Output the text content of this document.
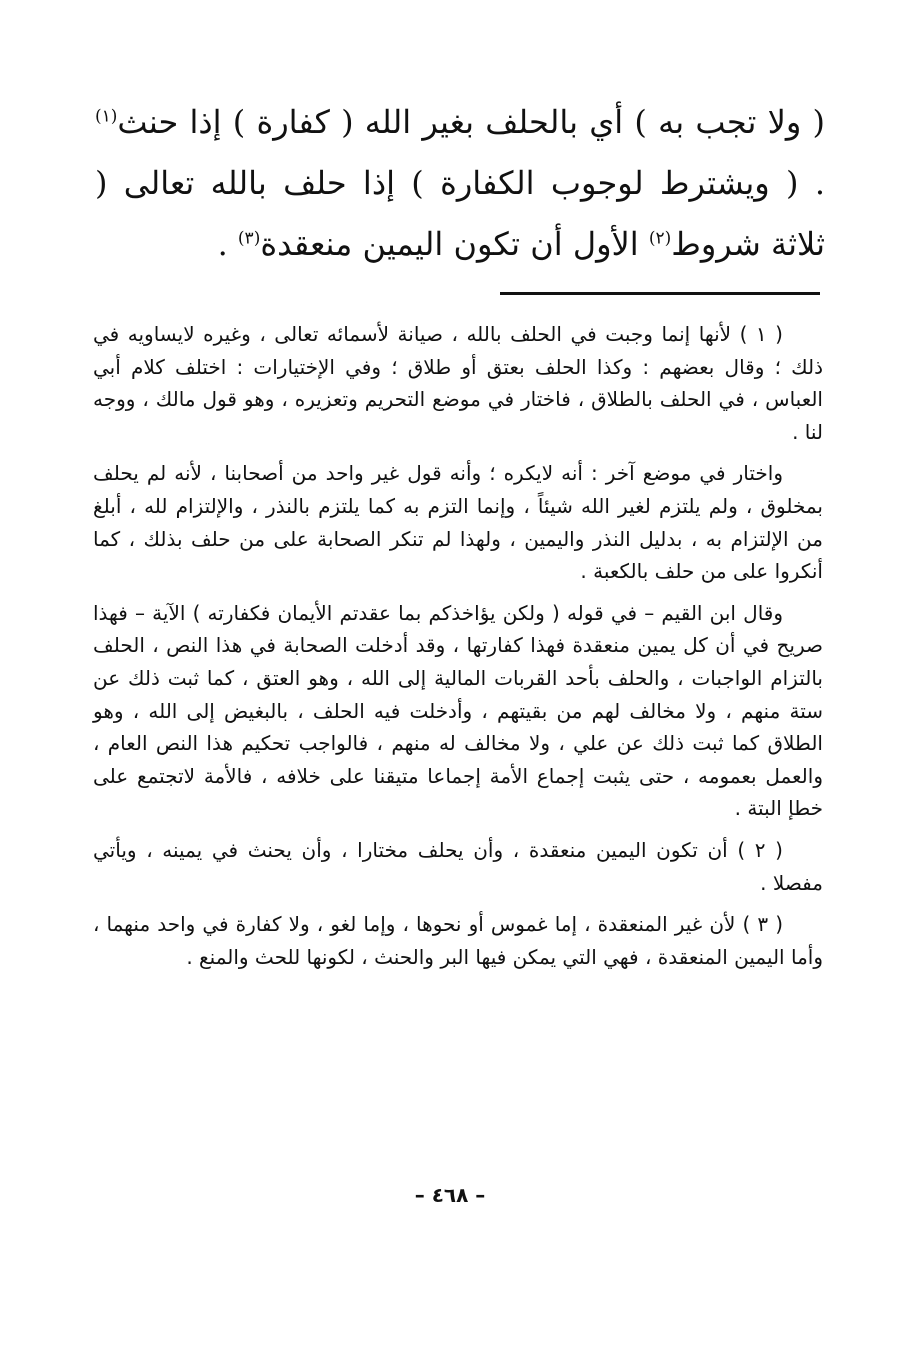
( ولا تجب به ) أي بالحلف بغير الله ( كفارة ) إذا حنث$^{(١)}$ . ( ويشترط لوجوب الكفارة ) إذا حلف بالله تعالى ( ثلاثة شروط$^{(٢)}$ الأول أن تكون اليمين منعقدة$^{(٣)}$ .

( ١ ) لأنها إنما وجبت في الحلف بالله ، صيانة لأسمائه تعالى ، وغيره لايساويه في ذلك ؛ وقال بعضهم : وكذا الحلف بعتق أو طلاق ؛ وفي الإختيارات : اختلف كلام أبي العباس ، في الحلف بالطلاق ، فاختار في موضع التحريم وتعزيره ، وهو قول مالك ، ووجه لنا .

واختار في موضع آخر : أنه لايكره ؛ وأنه قول غير واحد من أصحابنا ، لأنه لم يحلف بمخلوق ، ولم يلتزم لغير الله شيئاً ، وإنما التزم به كما يلتزم بالنذر ، والإلتزام لله ، أبلغ من الإلتزام به ، بدليل النذر واليمين ، ولهذا لم تنكر الصحابة على من حلف بذلك ، كما أنكروا على من حلف بالكعبة .

وقال ابن القيم – في قوله ( ولكن يؤاخذكم بما عقدتم الأيمان فكفارته ) الآية – فهذا صريح في أن كل يمين منعقدة فهذا كفارتها ، وقد أدخلت الصحابة في هذا النص ، الحلف بالتزام الواجبات ، والحلف بأحد القربات المالية إلى الله ، وهو العتق ، كما ثبت ذلك عن ستة منهم ، ولا مخالف لهم من بقيتهم ، وأدخلت فيه الحلف ، بالبغيض إلى الله ، وهو الطلاق كما ثبت ذلك عن علي ، ولا مخالف له منهم ، فالواجب تحكيم هذا النص العام ، والعمل بعمومه ، حتى يثبت إجماع الأمة إجماعا متيقنا على خلافه ، فالأمة لاتجتمع على خطإ البتة .

( ٢ ) أن تكون اليمين منعقدة ، وأن يحلف مختارا ، وأن يحنث في يمينه ، ويأتي مفصلا .

( ٣ ) لأن غير المنعقدة ، إما غموس أو نحوها ، وإما لغو ، ولا كفارة في واحد منهما ، وأما اليمين المنعقدة ، فهي التي يمكن فيها البر والحنث ، لكونها للحث والمنع .

– ٤٦٨ –
